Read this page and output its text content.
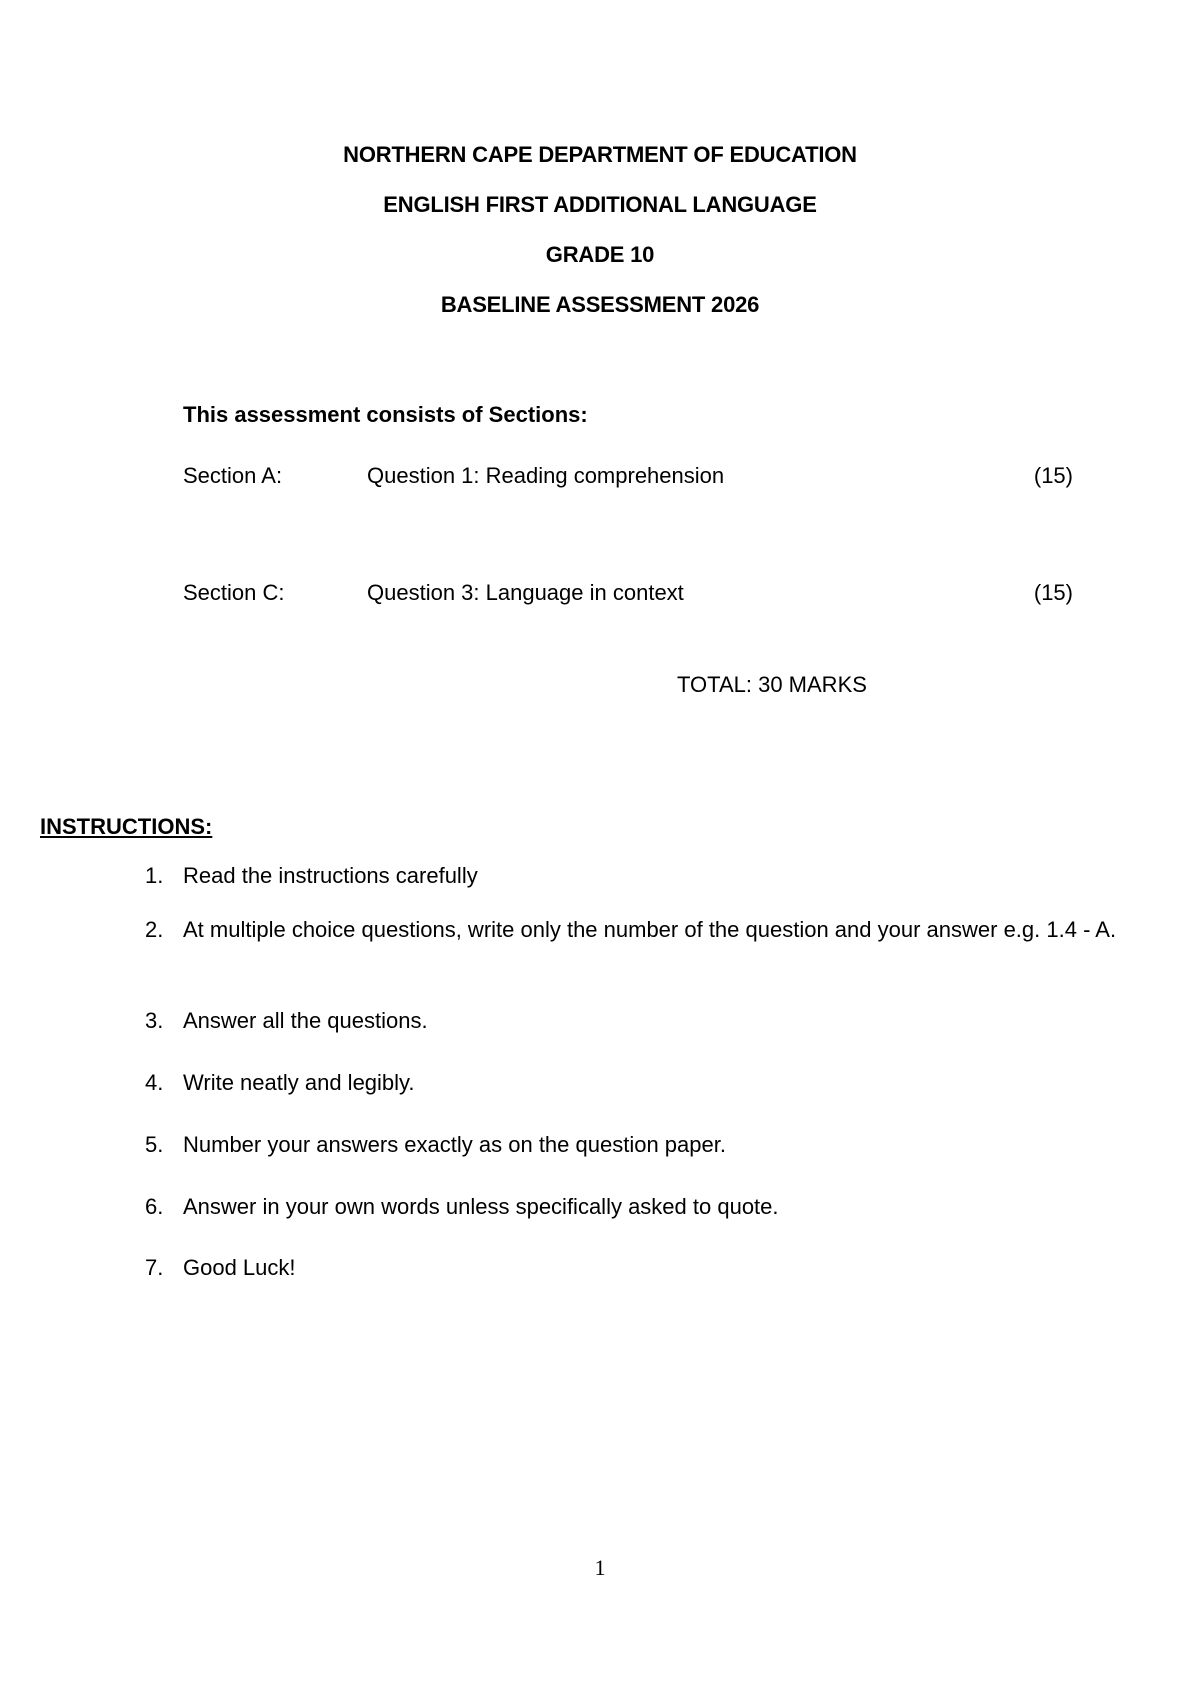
NORTHERN CAPE DEPARTMENT OF EDUCATION

ENGLISH FIRST ADDITIONAL LANGUAGE

GRADE 10

BASELINE ASSESSMENT 2026

This assessment consists of Sections:

Section A:	Question 1: Reading comprehension	(15)
Section C:	Question 3: Language in context	(15)

TOTAL: 30 MARKS

INSTRUCTIONS:

1. Read the instructions carefully
2. At multiple choice questions, write only the number of the question and your answer e.g. 1.4 - A.
3. Answer all the questions.
4. Write neatly and legibly.
5. Number your answers exactly as on the question paper.
6. Answer in your own words unless specifically asked to quote.
7. Good Luck!

1
